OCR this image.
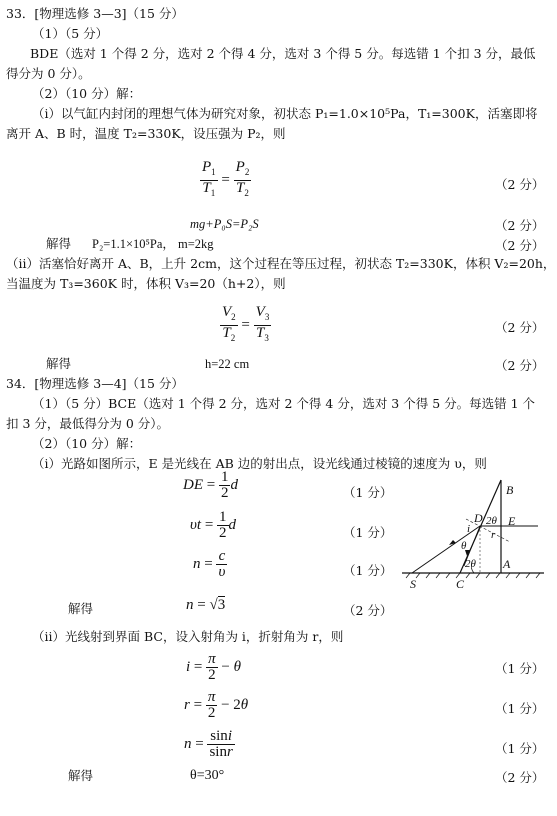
33．[物理选修 3—3]（15 分）
（1）（5 分）
BDE（选对 1 个得 2 分，选对 2 个得 4 分，选对 3 个得 5 分。每选错 1 个扣 3 分，最低
得分为 0 分）。
（2）（10 分）解：
（i）以气缸内封闭的理想气体为研究对象，初状态 P₁=1.0×10⁵Pa，T₁=300K，活塞即将
离开 A、B 时，温度 T₂=330K，设压强为 P₂，则
$\frac{P_1}{T_1} = \frac{P_2}{T_2}$	（2 分）
mg+P₀S=P₂S	（2 分）
解得 P₂=1.1×10⁵Pa， m=2kg	（2 分）
（ii）活塞恰好离开 A、B，上升 2cm，这个过程在等压过程，初状态 T₂=330K，体积 V₂=20h，
当温度为 T₃=360K 时，体积 V₃=20（h+2），则
$\frac{V_2}{T_2} = \frac{V_3}{T_3}$	（2 分）
解得	h=22 cm	（2 分）
34．[物理选修 3—4]（15 分）
（1）（5 分）BCE（选对 1 个得 2 分，选对 2 个得 4 分，选对 3 个得 5 分。每选错 1 个
扣 3 分，最低得分为 0 分）。
（2）（10 分）解：
（i）光路如图所示，E 是光线在 AB 边的射出点，设光线通过棱镜的速度为 υ，则
DE = $\frac{1}{2}$ d	（1 分）
$\upsilon t = \frac{1}{2}$ d	（1 分）
$n = \frac{c}{\upsilon}$	（1 分）
解得	n = √3	（2 分）
B
D 2θ E
i r
θ
2θ A
S	C
（ii）光线射到界面 BC，设入射角为 i，折射角为 r，则
$i = \frac{\pi}{2} - \theta$	（1 分）
$r = \frac{\pi}{2} - 2\theta$	（1 分）
$n = \frac{\sin i}{\sin r}$	（1 分）
解得	θ=30°	（2 分）
